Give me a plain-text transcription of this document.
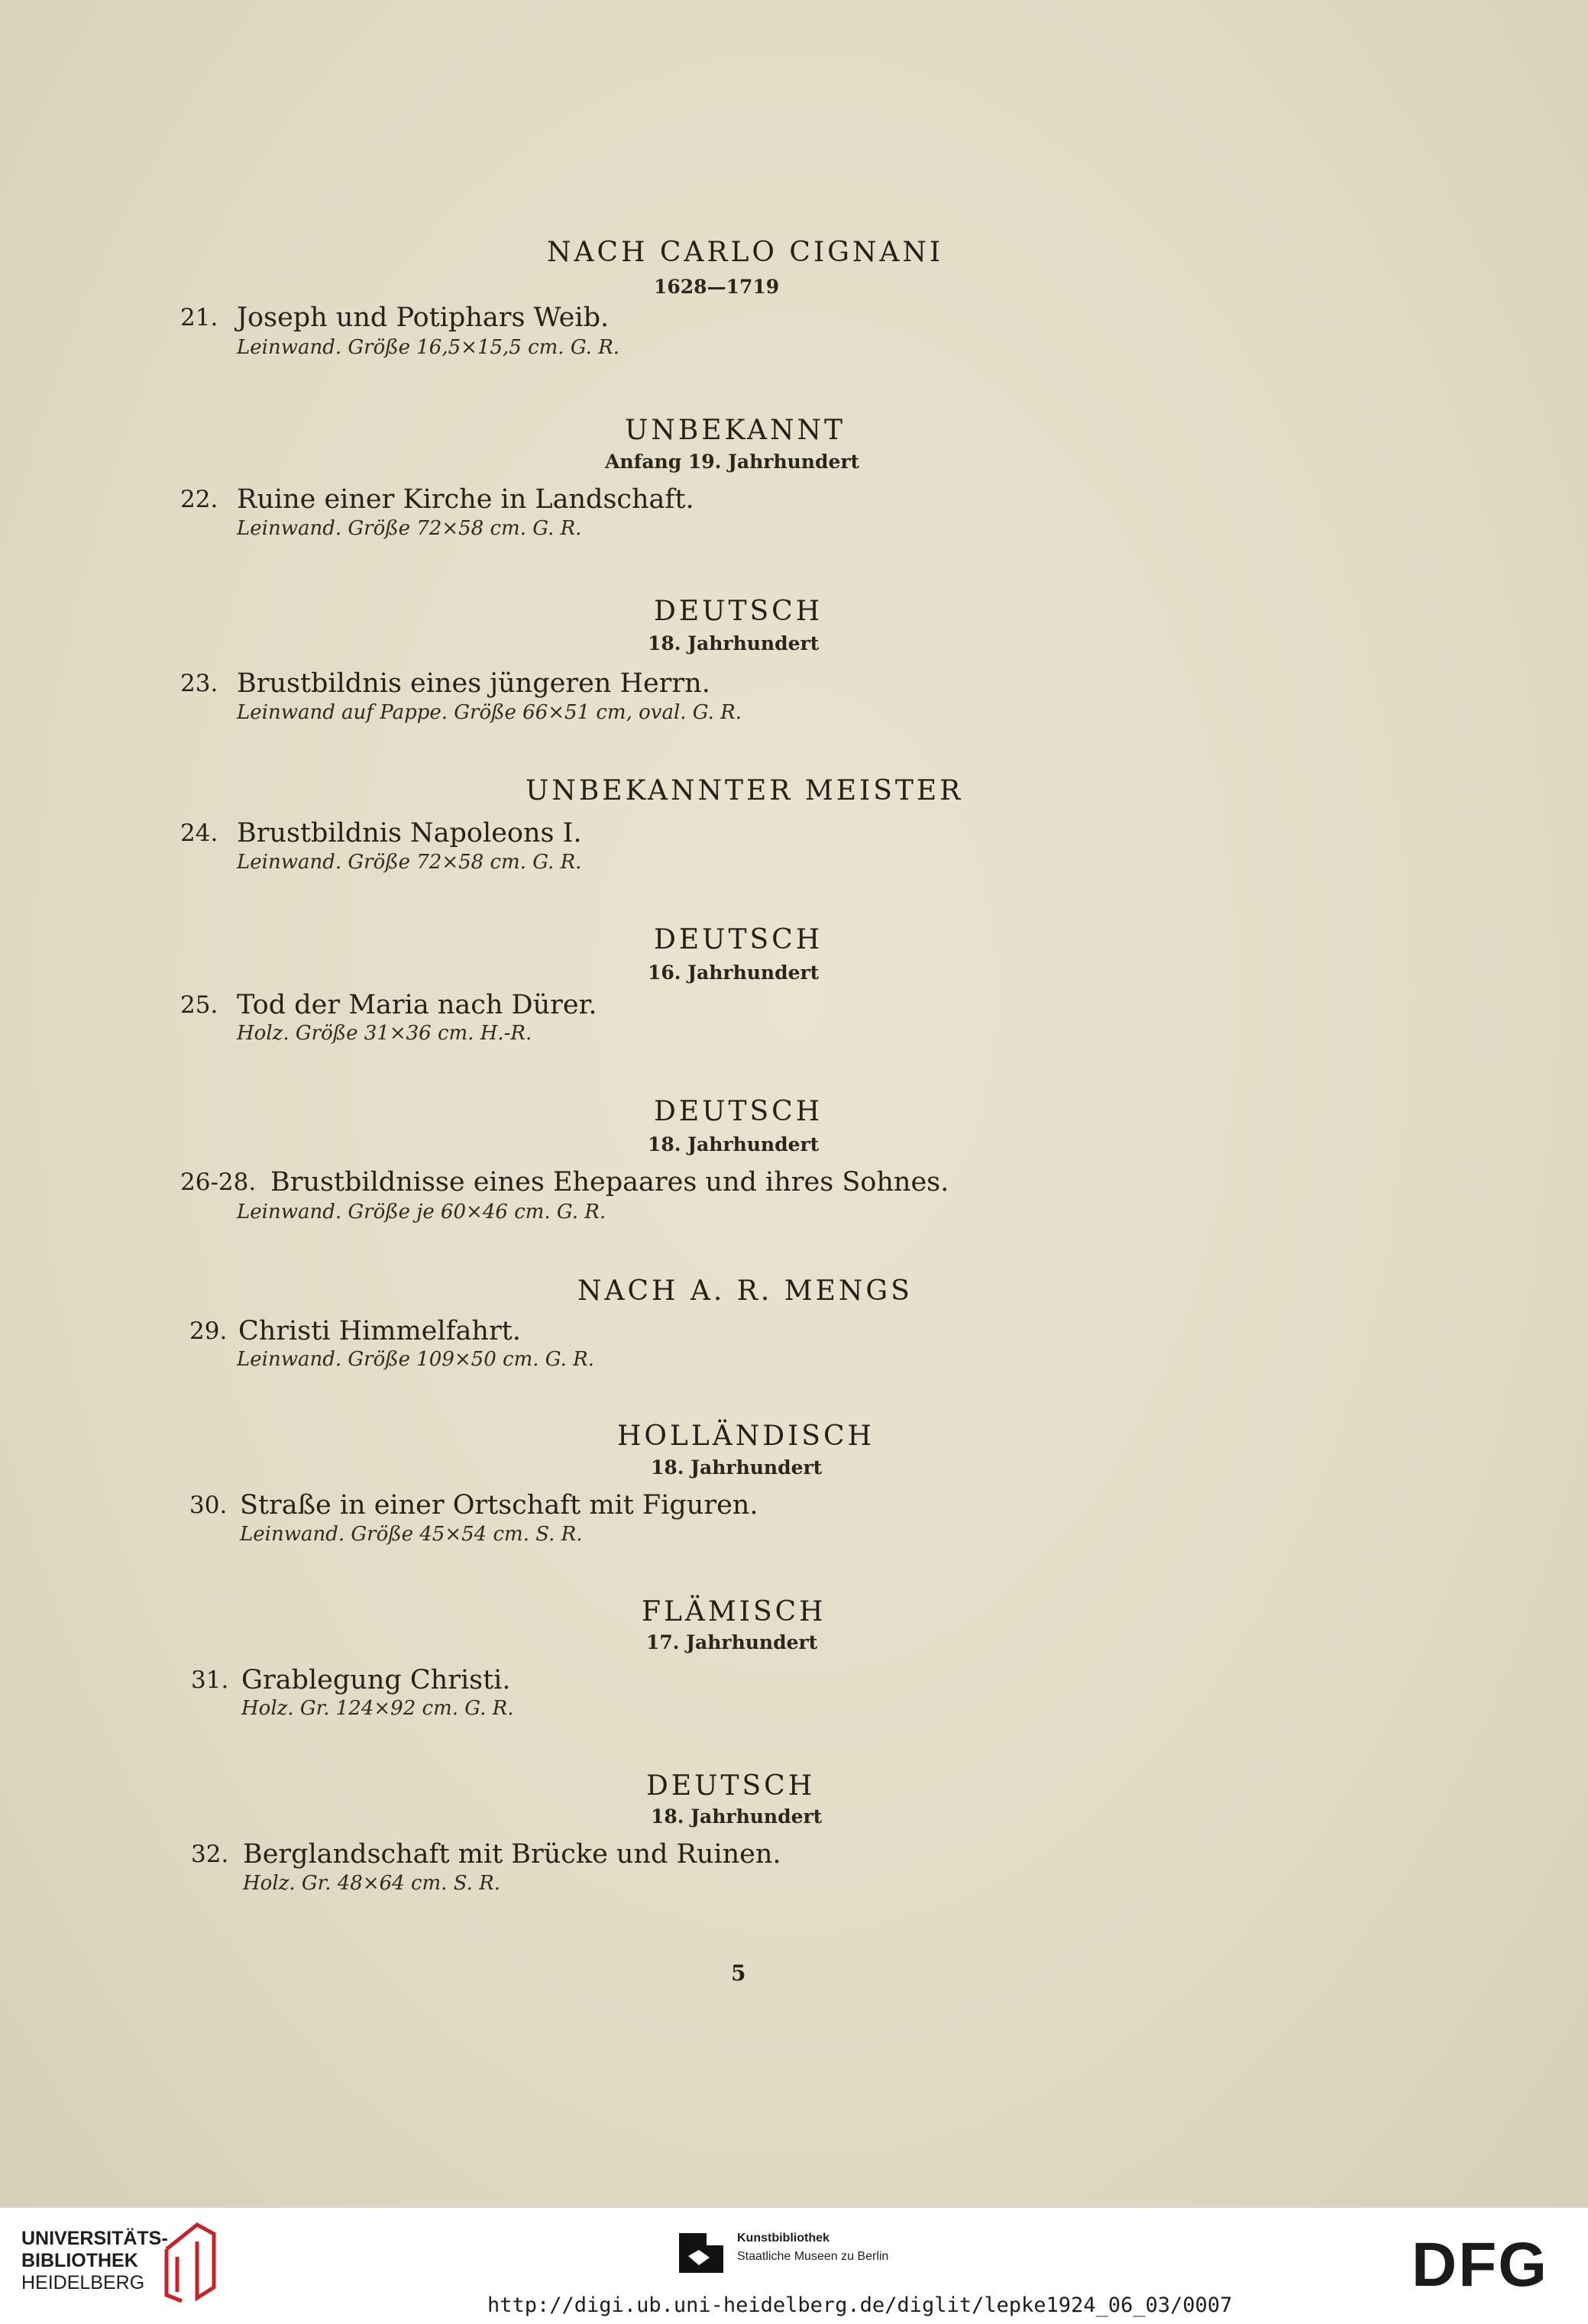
NACH CARLO CIGNANI
1628—1719
21. Joseph und Potiphars Weib.
Leinwand. Größe 16,5×15,5 cm. G. R.
UNBEKANNT
Anfang 19. Jahrhundert
22. Ruine einer Kirche in Landschaft.
Leinwand. Größe 72×58 cm. G. R.
DEUTSCH
18. Jahrhundert
23. Brustbildnis eines jüngeren Herrn.
Leinwand auf Pappe. Größe 66×51 cm, oval. G. R.
UNBEKANNTER MEISTER
24. Brustbildnis Napoleons I.
Leinwand. Größe 72×58 cm. G. R.
DEUTSCH
16. Jahrhundert
25. Tod der Maria nach Dürer.
Holz. Größe 31×36 cm. H.-R.
DEUTSCH
18. Jahrhundert
26-28. Brustbildnisse eines Ehepaares und ihres Sohnes.
Leinwand. Größe je 60×46 cm. G. R.
NACH A. R. MENGS
29. Christi Himmelfahrt.
Leinwand. Größe 109×50 cm. G. R.
HOLLÄNDISCH
18. Jahrhundert
30. Straße in einer Ortschaft mit Figuren.
Leinwand. Größe 45×54 cm. S. R.
FLÄMISCH
17. Jahrhundert
31. Grablegung Christi.
Holz. Gr. 124×92 cm. G. R.
DEUTSCH
18. Jahrhundert
32. Berglandschaft mit Brücke und Ruinen.
Holz. Gr. 48×64 cm. S. R.
5
UNIVERSITÄTS-
BIBLIOTHEK
HEIDELBERG
Kunstbibliothek
Staatliche Museen zu Berlin	DFG
http://digi.ub.uni-heidelberg.de/diglit/lepke1924_06_03/0007
